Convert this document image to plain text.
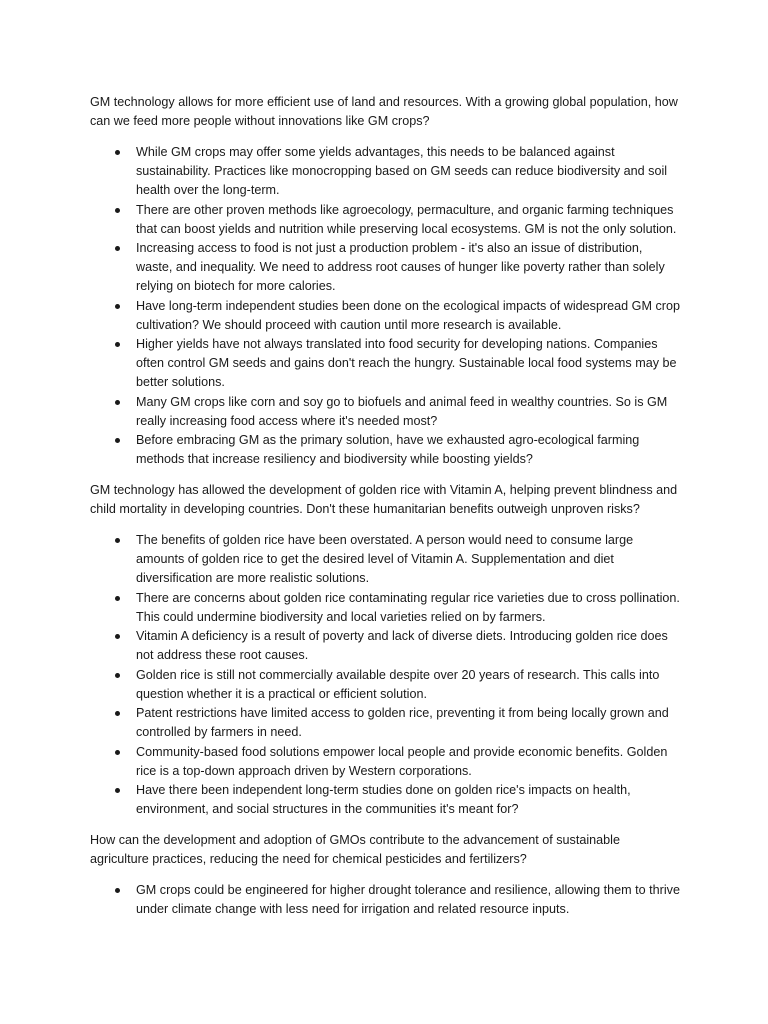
GM technology allows for more efficient use of land and resources. With a growing global population, how can we feed more people without innovations like GM crops?

While GM crops may offer some yields advantages, this needs to be balanced against sustainability. Practices like monocropping based on GM seeds can reduce biodiversity and soil health over the long-term.
There are other proven methods like agroecology, permaculture, and organic farming techniques that can boost yields and nutrition while preserving local ecosystems. GM is not the only solution.
Increasing access to food is not just a production problem - it's also an issue of distribution, waste, and inequality. We need to address root causes of hunger like poverty rather than solely relying on biotech for more calories.
Have long-term independent studies been done on the ecological impacts of widespread GM crop cultivation? We should proceed with caution until more research is available.
Higher yields have not always translated into food security for developing nations. Companies often control GM seeds and gains don't reach the hungry. Sustainable local food systems may be better solutions.
Many GM crops like corn and soy go to biofuels and animal feed in wealthy countries. So is GM really increasing food access where it's needed most?
Before embracing GM as the primary solution, have we exhausted agro-ecological farming methods that increase resiliency and biodiversity while boosting yields?

GM technology has allowed the development of golden rice with Vitamin A, helping prevent blindness and child mortality in developing countries. Don't these humanitarian benefits outweigh unproven risks?

The benefits of golden rice have been overstated. A person would need to consume large amounts of golden rice to get the desired level of Vitamin A. Supplementation and diet diversification are more realistic solutions.
There are concerns about golden rice contaminating regular rice varieties due to cross pollination. This could undermine biodiversity and local varieties relied on by farmers.
Vitamin A deficiency is a result of poverty and lack of diverse diets. Introducing golden rice does not address these root causes.
Golden rice is still not commercially available despite over 20 years of research. This calls into question whether it is a practical or efficient solution.
Patent restrictions have limited access to golden rice, preventing it from being locally grown and controlled by farmers in need.
Community-based food solutions empower local people and provide economic benefits. Golden rice is a top-down approach driven by Western corporations.
Have there been independent long-term studies done on golden rice's impacts on health, environment, and social structures in the communities it's meant for?

How can the development and adoption of GMOs contribute to the advancement of sustainable agriculture practices, reducing the need for chemical pesticides and fertilizers?

GM crops could be engineered for higher drought tolerance and resilience, allowing them to thrive under climate change with less need for irrigation and related resource inputs.
